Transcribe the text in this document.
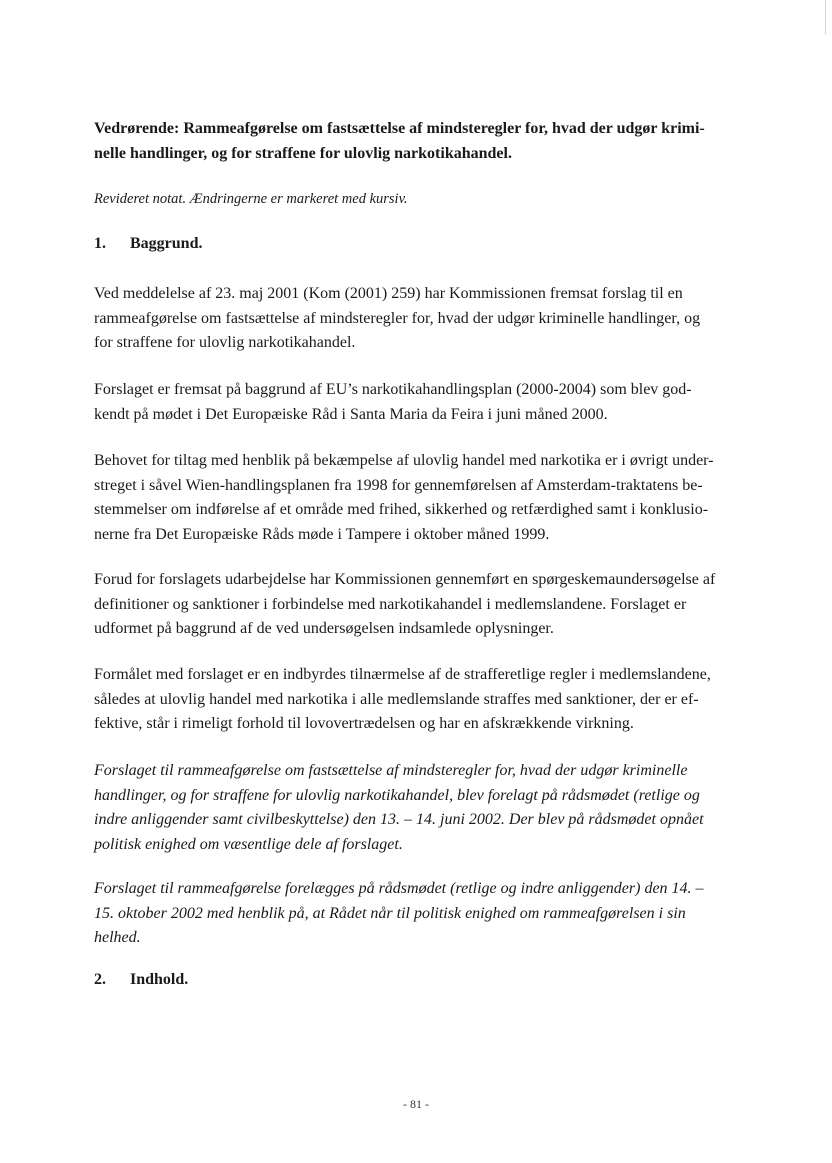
Vedrørende: Rammeafgørelse om fastsættelse af mindsteregler for, hvad der udgør krimi-
nelle handlinger, og for straffene for ulovlig narkotikahandel.
Revideret notat. Ændringerne er markeret med kursiv.
1. Baggrund.
Ved meddelelse af 23. maj 2001 (Kom (2001) 259) har Kommissionen fremsat forslag til en
rammeafgørelse om fastsættelse af mindsteregler for, hvad der udgør kriminelle handlinger, og
for straffene for ulovlig narkotikahandel.
Forslaget er fremsat på baggrund af EU’s narkotikahandlingsplan (2000-2004) som blev god-
kendt på mødet i Det Europæiske Råd i Santa Maria da Feira i juni måned 2000.
Behovet for tiltag med henblik på bekæmpelse af ulovlig handel med narkotika er i øvrigt under-
streget i såvel Wien-handlingsplanen fra 1998 for gennemførelsen af Amsterdam-traktatens be-
stemmelser om indførelse af et område med frihed, sikkerhed og retfærdighed samt i konklusio-
nerne fra Det Europæiske Råds møde i Tampere i oktober måned 1999.
Forud for forslagets udarbejdelse har Kommissionen gennemført en spørgeskemaundersøgelse af
definitioner og sanktioner i forbindelse med narkotikahandel i medlemslandene. Forslaget er
udformet på baggrund af de ved undersøgelsen indsamlede oplysninger.
Formålet med forslaget er en indbyrdes tilnærmelse af de strafferetlige regler i medlemslandene,
således at ulovlig handel med narkotika i alle medlemslande straffes med sanktioner, der er ef-
fektive, står i rimeligt forhold til lovovertrædelsen og har en afskrækkende virkning.
Forslaget til rammeafgørelse om fastsættelse af mindsteregler for, hvad der udgør kriminelle
handlinger, og for straffene for ulovlig narkotikahandel, blev forelagt på rådsmødet (retlige og
indre anliggender samt civilbeskyttelse) den 13. – 14. juni 2002. Der blev på rådsmødet opnået
politisk enighed om væsentlige dele af forslaget.
Forslaget til rammeafgørelse forelægges på rådsmødet (retlige og indre anliggender) den 14. –
15. oktober 2002 med henblik på, at Rådet når til politisk enighed om rammeafgørelsen i sin
helhed.
2. Indhold.
- 81 -
